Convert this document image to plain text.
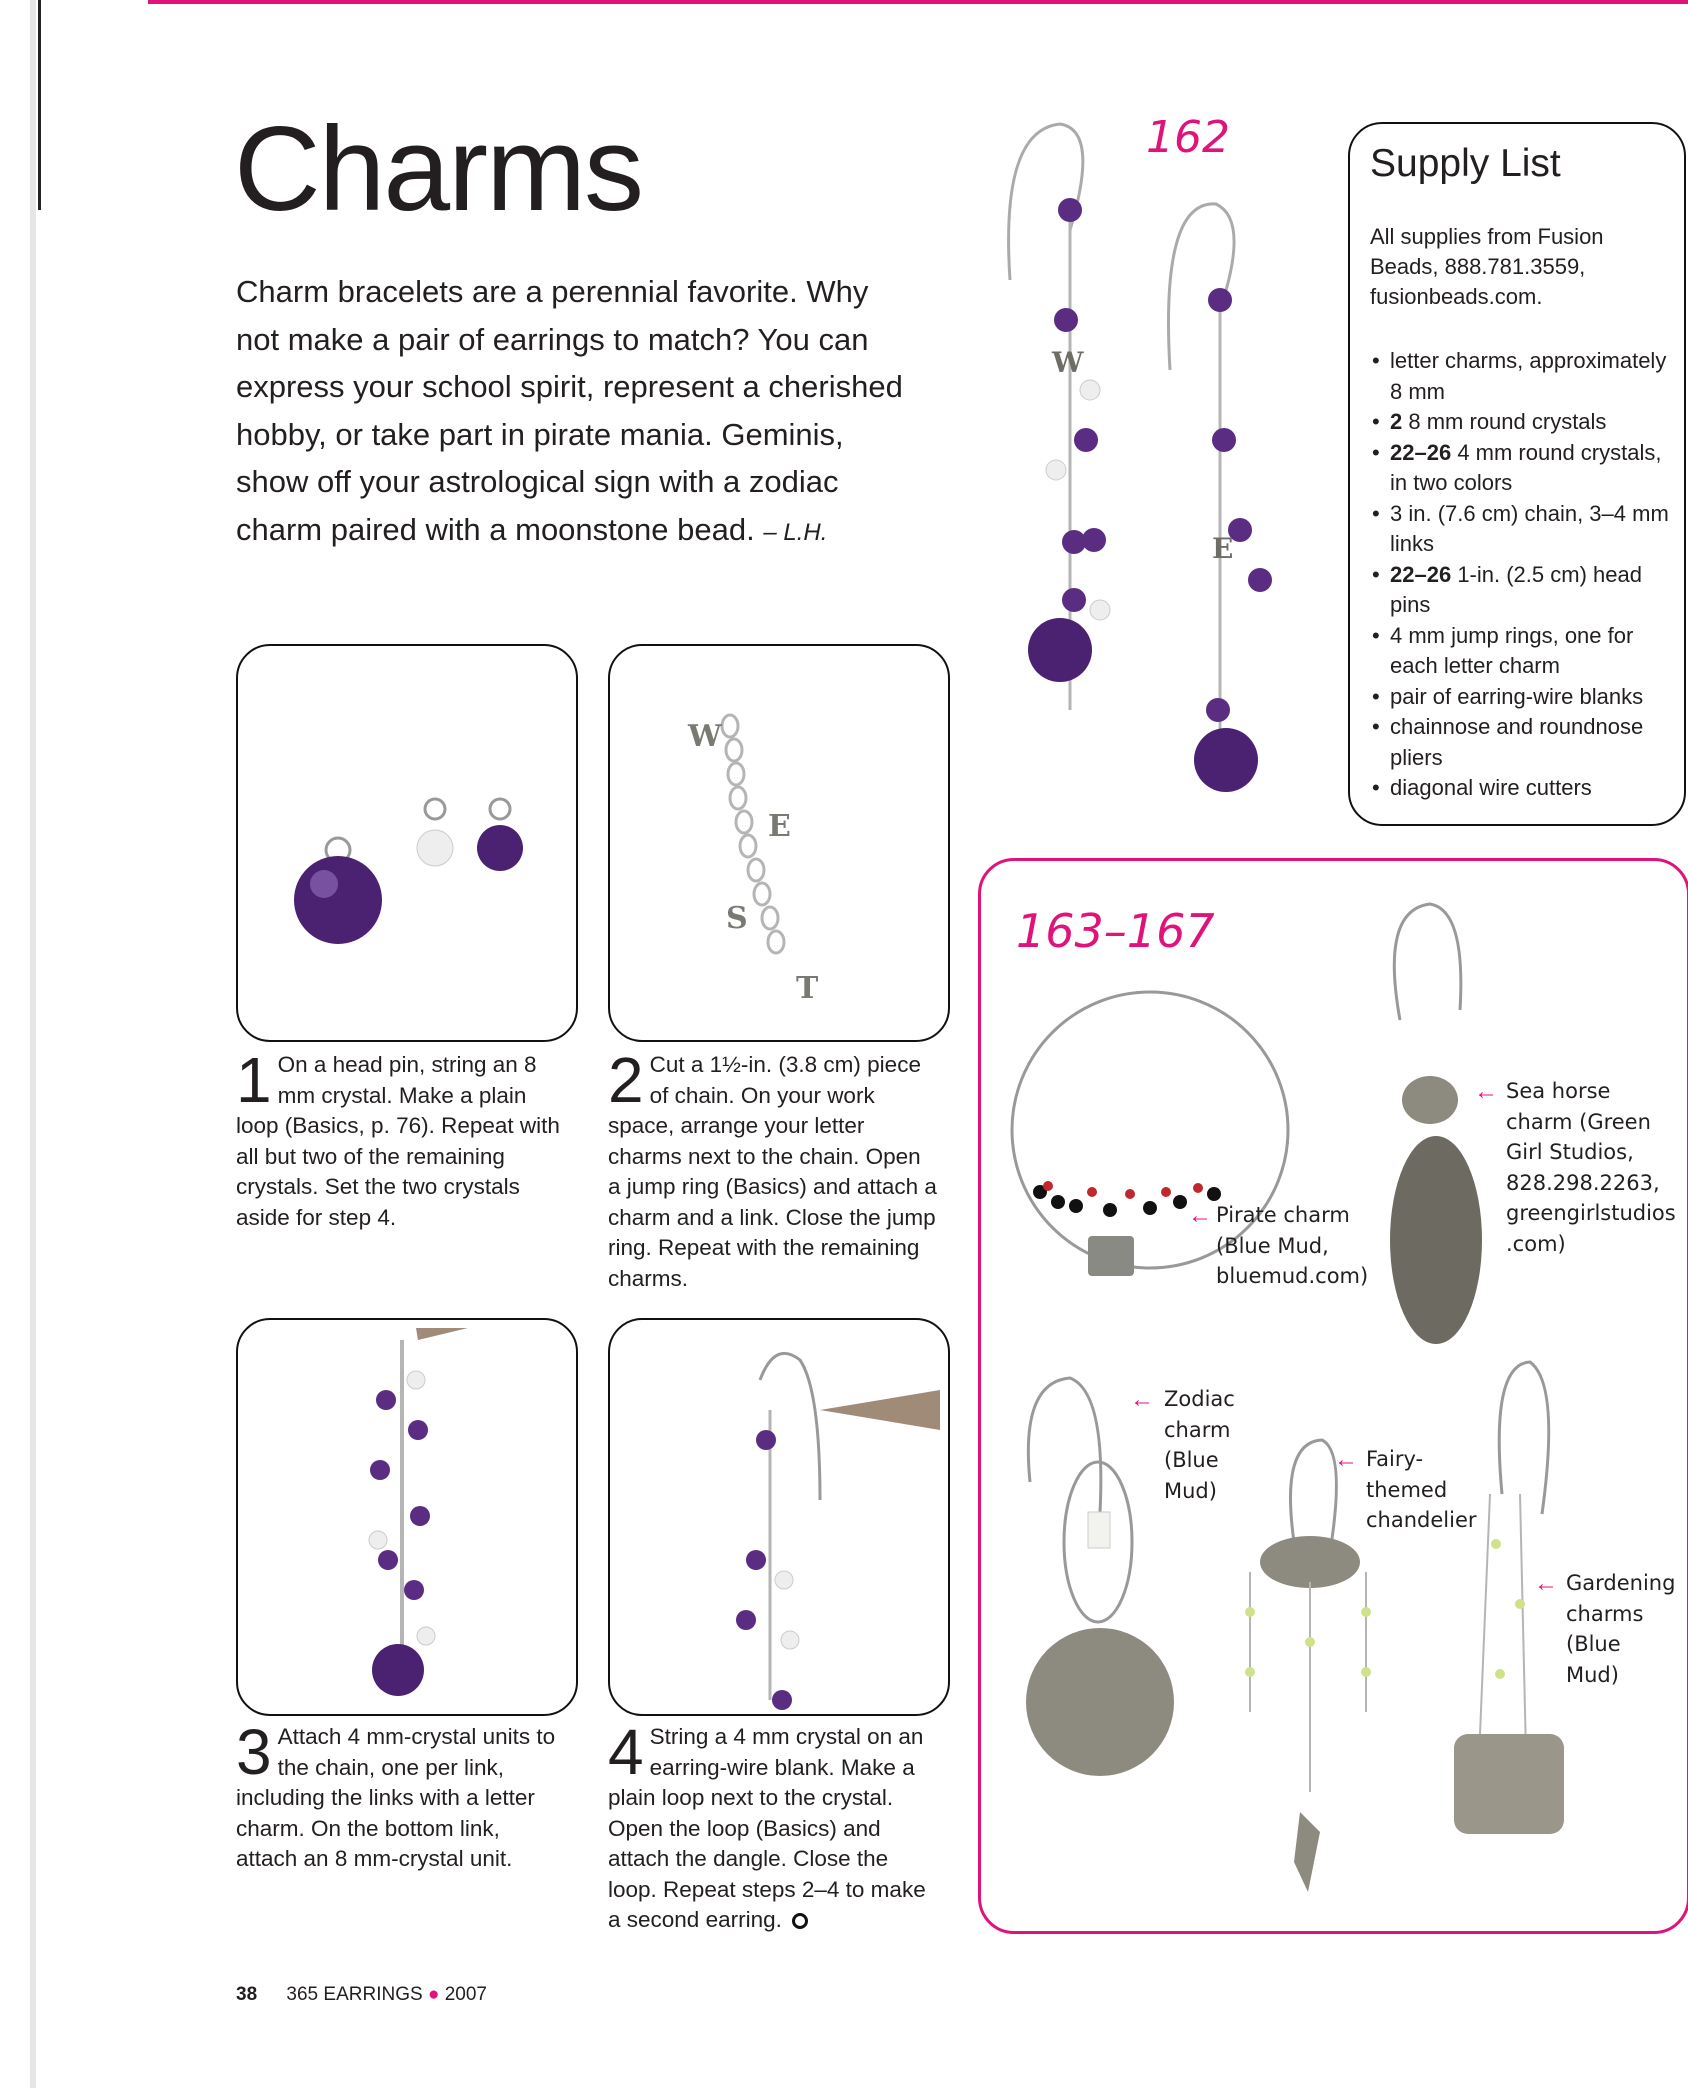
Charms

Charm bracelets are a perennial favorite. Why not make a pair of earrings to match? You can express your school spirit, represent a cherished hobby, or take part in pirate mania. Geminis, show off your astrological sign with a zodiac charm paired with a moonstone bead. – L.H.

W
E
S
T
1 On a head pin, string an 8 mm crystal. Make a plain loop (Basics, p. 76). Repeat with all but two of the remaining crystals. Set the two crystals aside for step 4.
2 Cut a 1½-in. (3.8 cm) piece of chain. On your work space, arrange your letter charms next to the chain. Open a jump ring (Basics) and attach a charm and a link. Close the jump ring. Repeat with the remaining charms.
3 Attach 4 mm-crystal units to the chain, one per link, including the links with a letter charm. On the bottom link, attach an 8 mm-crystal unit.
4 String a 4 mm crystal on an earring-wire blank. Make a plain loop next to the crystal. Open the loop (Basics) and attach the dangle. Close the loop. Repeat steps 2–4 to make a second earring.
162
W
E
Supply List
All supplies from Fusion Beads, 888.781.3559, fusionbeads.com.
• letter charms, approximately 8 mm
• 2 8 mm round crystals
• 22–26 4 mm round crystals, in two colors
• 3 in. (7.6 cm) chain, 3–4 mm links
• 22–26 1-in. (2.5 cm) head pins
• 4 mm jump rings, one for each letter charm
• pair of earring-wire blanks
• chainnose and roundnose pliers
• diagonal wire cutters
163–167
← Sea horse charm (Green Girl Studios, 828.298.2263, greengirlstudios .com)
← Pirate charm (Blue Mud, bluemud.com)
← Zodiac charm (Blue Mud)
← Fairy-themed chandelier
← Gardening charms (Blue Mud)
38 365 EARRINGS ● 2007
